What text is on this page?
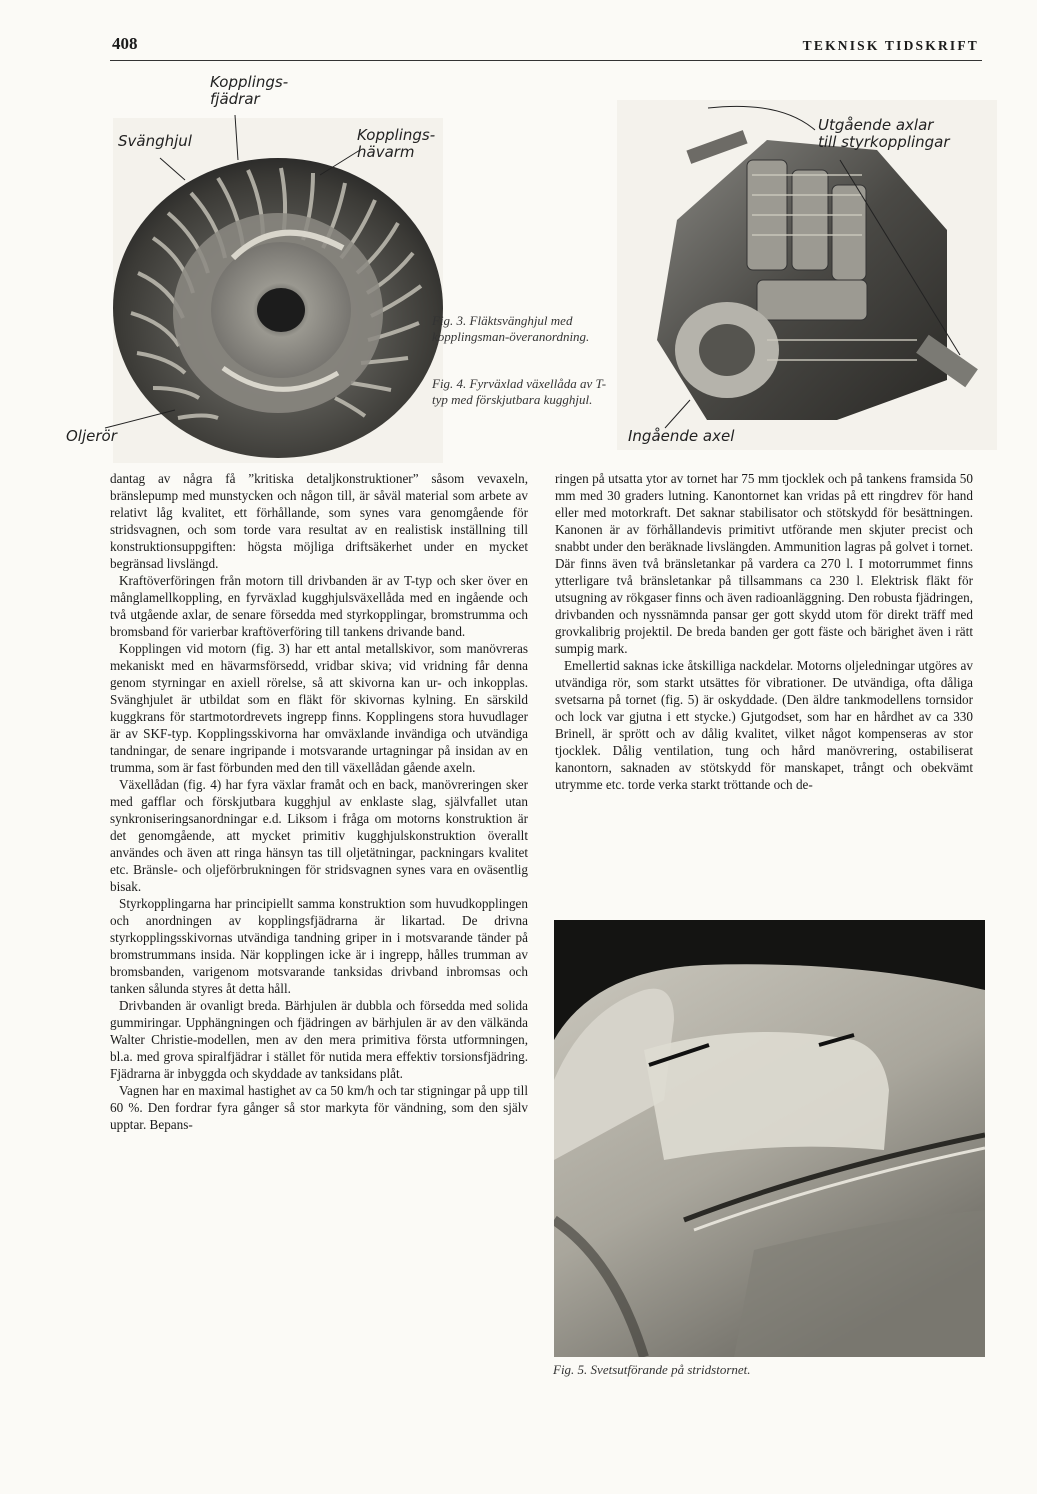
408	TEKNISK TIDSKRIFT
Kopplings-
fjädrar
Svänghjul	Kopplings-
hävarm
Oljerör
Utgående axlar
till styrkopplingar
Ingående axel
Fig. 3. Fläktsvänghjul med kopplingsman-överanordning.
Fig. 4. Fyrväxlad växellåda av T-typ med förskjutbara kugghjul.

dantag av några få ”kritiska detaljkonstruktioner” såsom vevaxeln, bränslepump med munstycken och någon till, är såväl material som arbete av relativt låg kvalitet, ett förhållande, som synes vara genomgående för stridsvagnen, och som torde vara resultat av en realistisk inställning till konstruktionsuppgiften: högsta möjliga driftsäkerhet under en mycket begränsad livslängd.

Kraftöverföringen från motorn till drivbanden är av T-typ och sker över en månglamellkoppling, en fyrväxlad kugghjulsväxellåda med en ingående och två utgående axlar, de senare försedda med styrkopplingar, bromstrumma och bromsband för varierbar kraftöverföring till tankens drivande band.

Kopplingen vid motorn (fig. 3) har ett antal metallskivor, som manövreras mekaniskt med en hävarmsförsedd, vridbar skiva; vid vridning får denna genom styrningar en axiell rörelse, så att skivorna kan ur- och inkopplas. Svänghjulet är utbildat som en fläkt för skivornas kylning. En särskild kuggkrans för startmotordrevets ingrepp finns. Kopplingens stora huvudlager är av SKF-typ. Kopplingsskivorna har omväxlande invändiga och utvändiga tandningar, de senare ingripande i motsvarande urtagningar på insidan av en trumma, som är fast förbunden med den till växellådan gående axeln.

Växellådan (fig. 4) har fyra växlar framåt och en back, manövreringen sker med gafflar och förskjutbara kugghjul av enklaste slag, självfallet utan synkroniseringsanordningar e.d. Liksom i fråga om motorns konstruktion är det genomgående, att mycket primitiv kugghjulskonstruktion överallt användes och även att ringa hänsyn tas till oljetätningar, packningars kvalitet etc. Bränsle- och oljeförbrukningen för stridsvagnen synes vara en oväsentlig bisak.

Styrkopplingarna har principiellt samma konstruktion som huvudkopplingen och anordningen av kopplingsfjädrarna är likartad. De drivna styrkopplingsskivornas utvändiga tandning griper in i motsvarande tänder på bromstrummans insida. När kopplingen icke är i ingrepp, hålles trumman av bromsbanden, varigenom motsvarande tanksidas drivband inbromsas och tanken sålunda styres åt detta håll.

Drivbanden är ovanligt breda. Bärhjulen är dubbla och försedda med solida gummiringar. Upphängningen och fjädringen av bärhjulen är av den välkända Walter Christie-modellen, men av den mera primitiva första utformningen, bl.a. med grova spiralfjädrar i stället för nutida mera effektiv torsionsfjädring. Fjädrarna är inbyggda och skyddade av tanksidans plåt.

Vagnen har en maximal hastighet av ca 50 km/h och tar stigningar på upp till 60 %. Den fordrar fyra gånger så stor markyta för vändning, som den själv upptar. Bepans-

ringen på utsatta ytor av tornet har 75 mm tjocklek och på tankens framsida 50 mm med 30 graders lutning. Kanontornet kan vridas på ett ringdrev för hand eller med motorkraft. Det saknar stabilisator och stötskydd för besättningen. Kanonen är av förhållandevis primitivt utförande men skjuter precist och snabbt under den beräknade livslängden. Ammunition lagras på golvet i tornet. Där finns även två bränsletankar på vardera ca 270 l. I motorrummet finns ytterligare två bränsletankar på tillsammans ca 230 l. Elektrisk fläkt för utsugning av rökgaser finns och även radioanläggning. Den robusta fjädringen, drivbanden och nyssnämnda pansar ger gott skydd utom för direkt träff med grovkalibrig projektil. De breda banden ger gott fäste och bärighet även i rätt sumpig mark.

Emellertid saknas icke åtskilliga nackdelar. Motorns oljeledningar utgöres av utvändiga rör, som starkt utsättes för vibrationer. De utvändiga, ofta dåliga svetsarna på tornet (fig. 5) är oskyddade. (Den äldre tankmodellens tornsidor och lock var gjutna i ett stycke.) Gjutgodset, som har en hårdhet av ca 330 Brinell, är sprött och av dålig kvalitet, vilket något kompenseras av stor tjocklek. Dålig ventilation, tung och hård manövrering, ostabiliserat kanontorn, saknaden av stötskydd för manskapet, trångt och obekvämt utrymme etc. torde verka starkt tröttande och de-

Fig. 5. Svetsutförande på stridstornet.
